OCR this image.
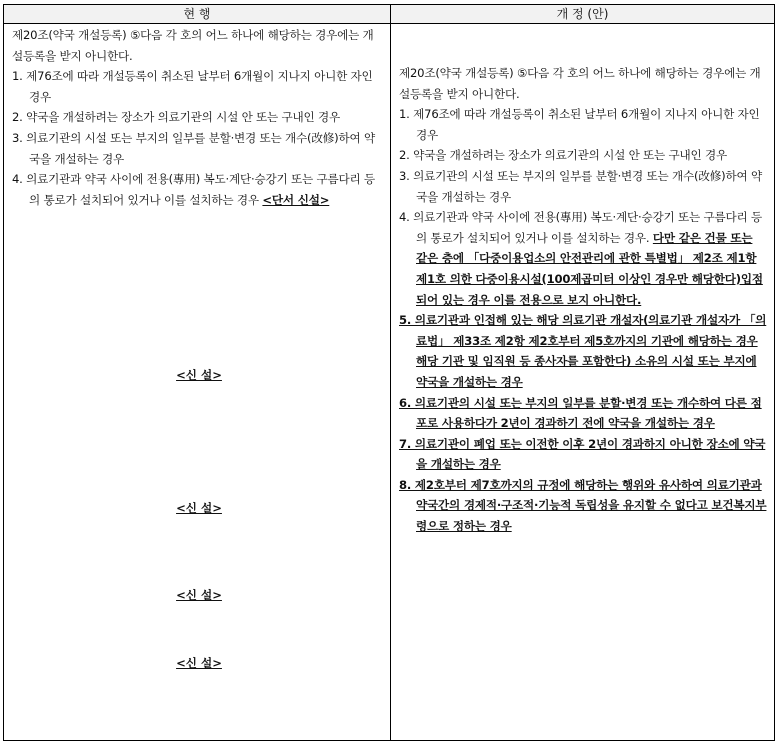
현 행	개 정 (안)

제20조(약국 개설등록) ⑤다음 각 호의 어느 하나에 해당하는 경우에는 개설등록을 받지 아니한다.

1. 제76조에 따라 개설등록이 취소된 날부터 6개월이 지나지 아니한 자인 경우

2. 약국을 개설하려는 장소가 의료기관의 시설 안 또는 구내인 경우

3. 의료기관의 시설 또는 부지의 일부를 분할·변경 또는 개수(改修)하여 약국을 개설하는 경우

4. 의료기관과 약국 사이에 전용(專用) 복도·계단·승강기 또는 구름다리 등의 통로가 설치되어 있거나 이를 설치하는 경우 <단서 신설>

<신 설>
<신 설>
<신 설>
<신 설>

제20조(약국 개설등록) ⑤다음 각 호의 어느 하나에 해당하는 경우에는 개설등록을 받지 아니한다.

1. 제76조에 따라 개설등록이 취소된 날부터 6개월이 지나지 아니한 자인 경우

2. 약국을 개설하려는 장소가 의료기관의 시설 안 또는 구내인 경우

3. 의료기관의 시설 또는 부지의 일부를 분할·변경 또는 개수(改修)하여 약국을 개설하는 경우

4. 의료기관과 약국 사이에 전용(專用) 복도·계단·승강기 또는 구름다리 등의 통로가 설치되어 있거나 이를 설치하는 경우. 다만 같은 건물 또는 같은 층에 「다중이용업소의 안전관리에 관한 특별법」 제2조 제1항 제1호 의한 다중이용시설(100제곱미터 이상인 경우만 해당한다)입점되어 있는 경우 이를 전용으로 보지 아니한다.

5. 의료기관과 인접해 있는 해당 의료기관 개설자(의료기관 개설자가 「의료법」 제33조 제2항 제2호부터 제5호까지의 기관에 해당하는 경우 해당 기관 및 임직원 등 종사자를 포함한다) 소유의 시설 또는 부지에 약국을 개설하는 경우

6. 의료기관의 시설 또는 부지의 일부를 분할·변경 또는 개수하여 다른 점포로 사용하다가 2년이 경과하기 전에 약국을 개설하는 경우

7. 의료기관이 폐업 또는 이전한 이후 2년이 경과하지 아니한 장소에 약국을 개설하는 경우

8. 제2호부터 제7호까지의 규정에 해당하는 행위와 유사하여 의료기관과 약국간의 경제적·구조적·기능적 독립성을 유지할 수 없다고 보건복지부령으로 정하는 경우
